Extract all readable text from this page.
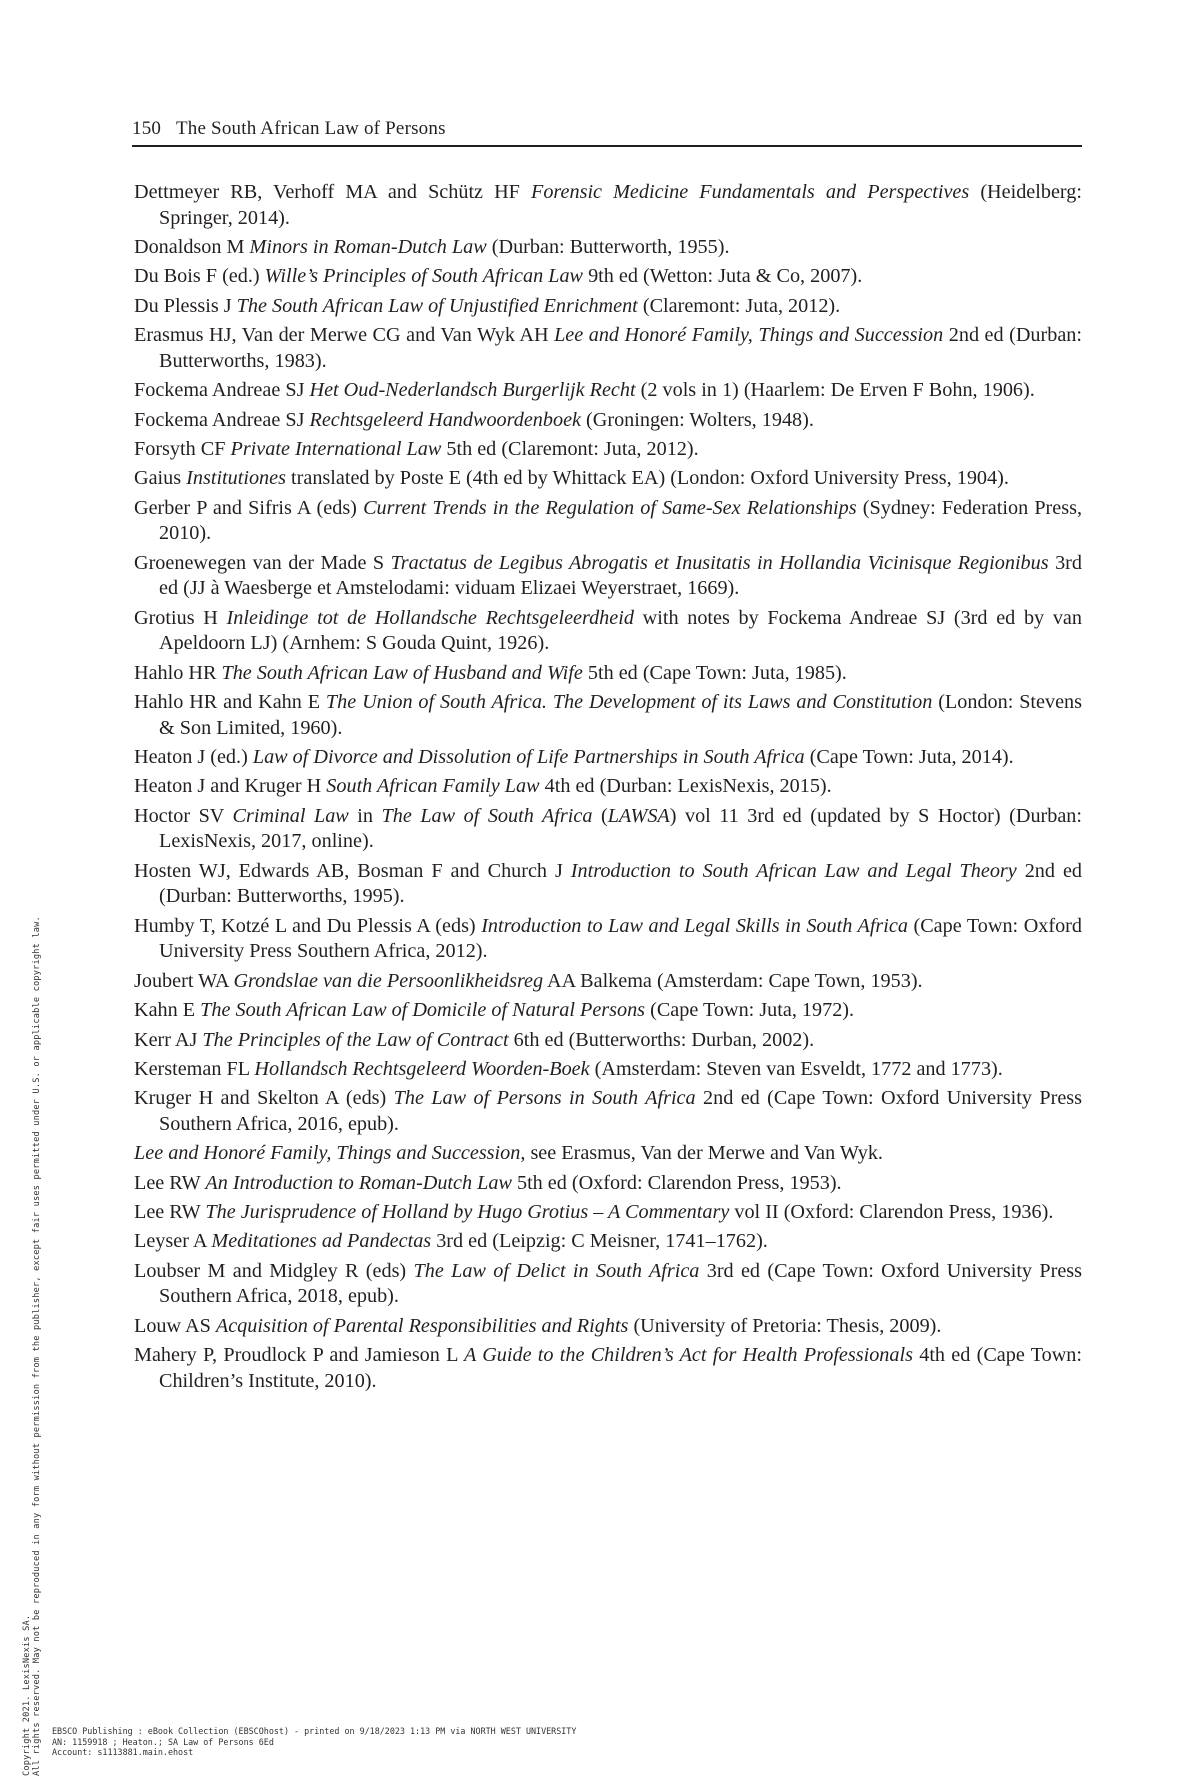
150 The South African Law of Persons
Dettmeyer RB, Verhoff MA and Schütz HF Forensic Medicine Fundamentals and Perspectives (Heidelberg: Springer, 2014).
Donaldson M Minors in Roman-Dutch Law (Durban: Butterworth, 1955).
Du Bois F (ed.) Wille’s Principles of South African Law 9th ed (Wetton: Juta & Co, 2007).
Du Plessis J The South African Law of Unjustified Enrichment (Claremont: Juta, 2012).
Erasmus HJ, Van der Merwe CG and Van Wyk AH Lee and Honoré Family, Things and Succession 2nd ed (Durban: Butterworths, 1983).
Fockema Andreae SJ Het Oud-Nederlandsch Burgerlijk Recht (2 vols in 1) (Haarlem: De Erven F Bohn, 1906).
Fockema Andreae SJ Rechtsgeleerd Handwoordenboek (Groningen: Wolters, 1948).
Forsyth CF Private International Law 5th ed (Claremont: Juta, 2012).
Gaius Institutiones translated by Poste E (4th ed by Whittack EA) (London: Oxford University Press, 1904).
Gerber P and Sifris A (eds) Current Trends in the Regulation of Same-Sex Relationships (Sydney: Federation Press, 2010).
Groenewegen van der Made S Tractatus de Legibus Abrogatis et Inusitatis in Hollandia Vicinisque Regionibus 3rd ed (JJ à Waesberge et Amstelodami: viduam Elizaei Weyerstraet, 1669).
Grotius H Inleidinge tot de Hollandsche Rechtsgeleerdheid with notes by Fockema Andreae SJ (3rd ed by van Apeldoorn LJ) (Arnhem: S Gouda Quint, 1926).
Hahlo HR The South African Law of Husband and Wife 5th ed (Cape Town: Juta, 1985).
Hahlo HR and Kahn E The Union of South Africa. The Development of its Laws and Constitution (London: Stevens & Son Limited, 1960).
Heaton J (ed.) Law of Divorce and Dissolution of Life Partnerships in South Africa (Cape Town: Juta, 2014).
Heaton J and Kruger H South African Family Law 4th ed (Durban: LexisNexis, 2015).
Hoctor SV Criminal Law in The Law of South Africa (LAWSA) vol 11 3rd ed (updated by S Hoctor) (Durban: LexisNexis, 2017, online).
Hosten WJ, Edwards AB, Bosman F and Church J Introduction to South African Law and Legal Theory 2nd ed (Durban: Butterworths, 1995).
Humby T, Kotzé L and Du Plessis A (eds) Introduction to Law and Legal Skills in South Africa (Cape Town: Oxford University Press Southern Africa, 2012).
Joubert WA Grondslae van die Persoonlikheidsreg AA Balkema (Amsterdam: Cape Town, 1953).
Kahn E The South African Law of Domicile of Natural Persons (Cape Town: Juta, 1972).
Kerr AJ The Principles of the Law of Contract 6th ed (Butterworths: Durban, 2002).
Kersteman FL Hollandsch Rechtsgeleerd Woorden-Boek (Amsterdam: Steven van Esveldt, 1772 and 1773).
Kruger H and Skelton A (eds) The Law of Persons in South Africa 2nd ed (Cape Town: Oxford University Press Southern Africa, 2016, epub).
Lee and Honoré Family, Things and Succession, see Erasmus, Van der Merwe and Van Wyk.
Lee RW An Introduction to Roman-Dutch Law 5th ed (Oxford: Clarendon Press, 1953).
Lee RW The Jurisprudence of Holland by Hugo Grotius – A Commentary vol II (Oxford: Clarendon Press, 1936).
Leyser A Meditationes ad Pandectas 3rd ed (Leipzig: C Meisner, 1741–1762).
Loubser M and Midgley R (eds) The Law of Delict in South Africa 3rd ed (Cape Town: Oxford University Press Southern Africa, 2018, epub).
Louw AS Acquisition of Parental Responsibilities and Rights (University of Pretoria: Thesis, 2009).
Mahery P, Proudlock P and Jamieson L A Guide to the Children’s Act for Health Professionals 4th ed (Cape Town: Children’s Institute, 2010).
Copyright 2021. LexisNexis SA. All rights reserved. May not be reproduced in any form without permission from the publisher, except fair uses permitted under U.S. or applicable copyright law. EBSCO Publishing : eBook Collection (EBSCOhost) - printed on 9/18/2023 1:13 PM via NORTH WEST UNIVERSITY
AN: 1159918 ; Heaton.; SA Law of Persons 6Ed
Account: s1113881.main.ehost
